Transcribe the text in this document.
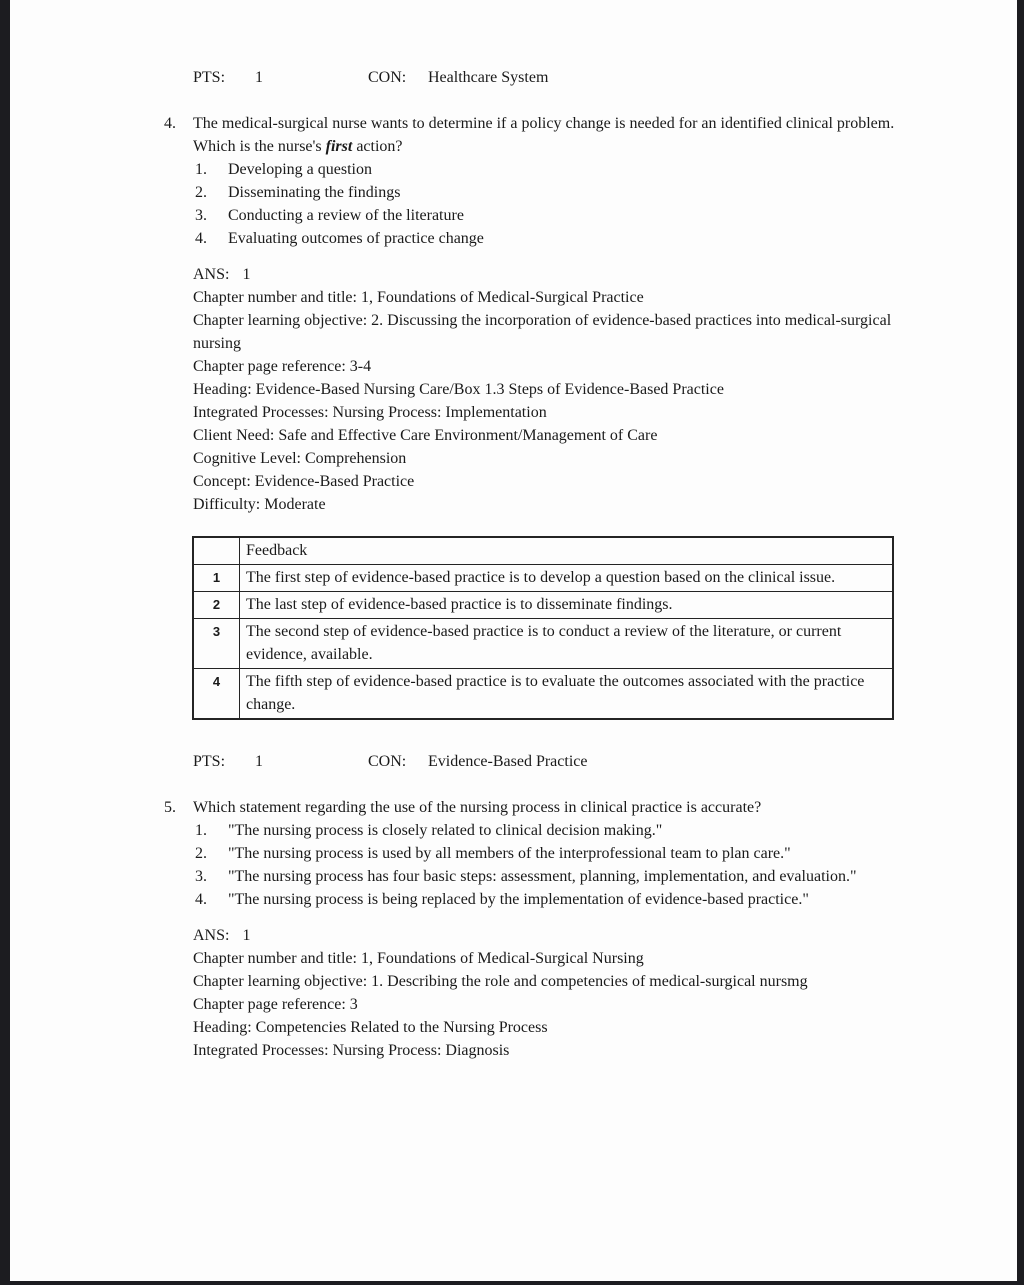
PTS: 1	CON: Healthcare System
4.	The medical-surgical nurse wants to determine if a policy change is needed for an identified clinical problem. Which is the nurse's first action?
1.	Developing a question
2.	Disseminating the findings
3.	Conducting a review of the literature
4.	Evaluating outcomes of practice change
ANS: 1
Chapter number and title: 1, Foundations of Medical-Surgical Practice
Chapter learning objective: 2. Discussing the incorporation of evidence-based practices into medical-surgical nursing
Chapter page reference: 3-4
Heading: Evidence-Based Nursing Care/Box 1.3 Steps of Evidence-Based Practice
Integrated Processes: Nursing Process: Implementation
Client Need: Safe and Effective Care Environment/Management of Care
Cognitive Level: Comprehension
Concept: Evidence-Based Practice
Difficulty: Moderate
	Feedback
1	The first step of evidence-based practice is to develop a question based on the clinical issue.
2	The last step of evidence-based practice is to disseminate findings.
3	The second step of evidence-based practice is to conduct a review of the literature, or current evidence, available.
4	The fifth step of evidence-based practice is to evaluate the outcomes associated with the practice change.
PTS: 1	CON: Evidence-Based Practice
5.	Which statement regarding the use of the nursing process in clinical practice is accurate?
1.	"The nursing process is closely related to clinical decision making."
2.	"The nursing process is used by all members of the interprofessional team to plan care."
3.	"The nursing process has four basic steps: assessment, planning, implementation, and evaluation."
4.	"The nursing process is being replaced by the implementation of evidence-based practice."
ANS: 1
Chapter number and title: 1, Foundations of Medical-Surgical Nursing
Chapter learning objective: 1. Describing the role and competencies of medical-surgical nursmg
Chapter page reference: 3
Heading: Competencies Related to the Nursing Process
Integrated Processes: Nursing Process: Diagnosis
